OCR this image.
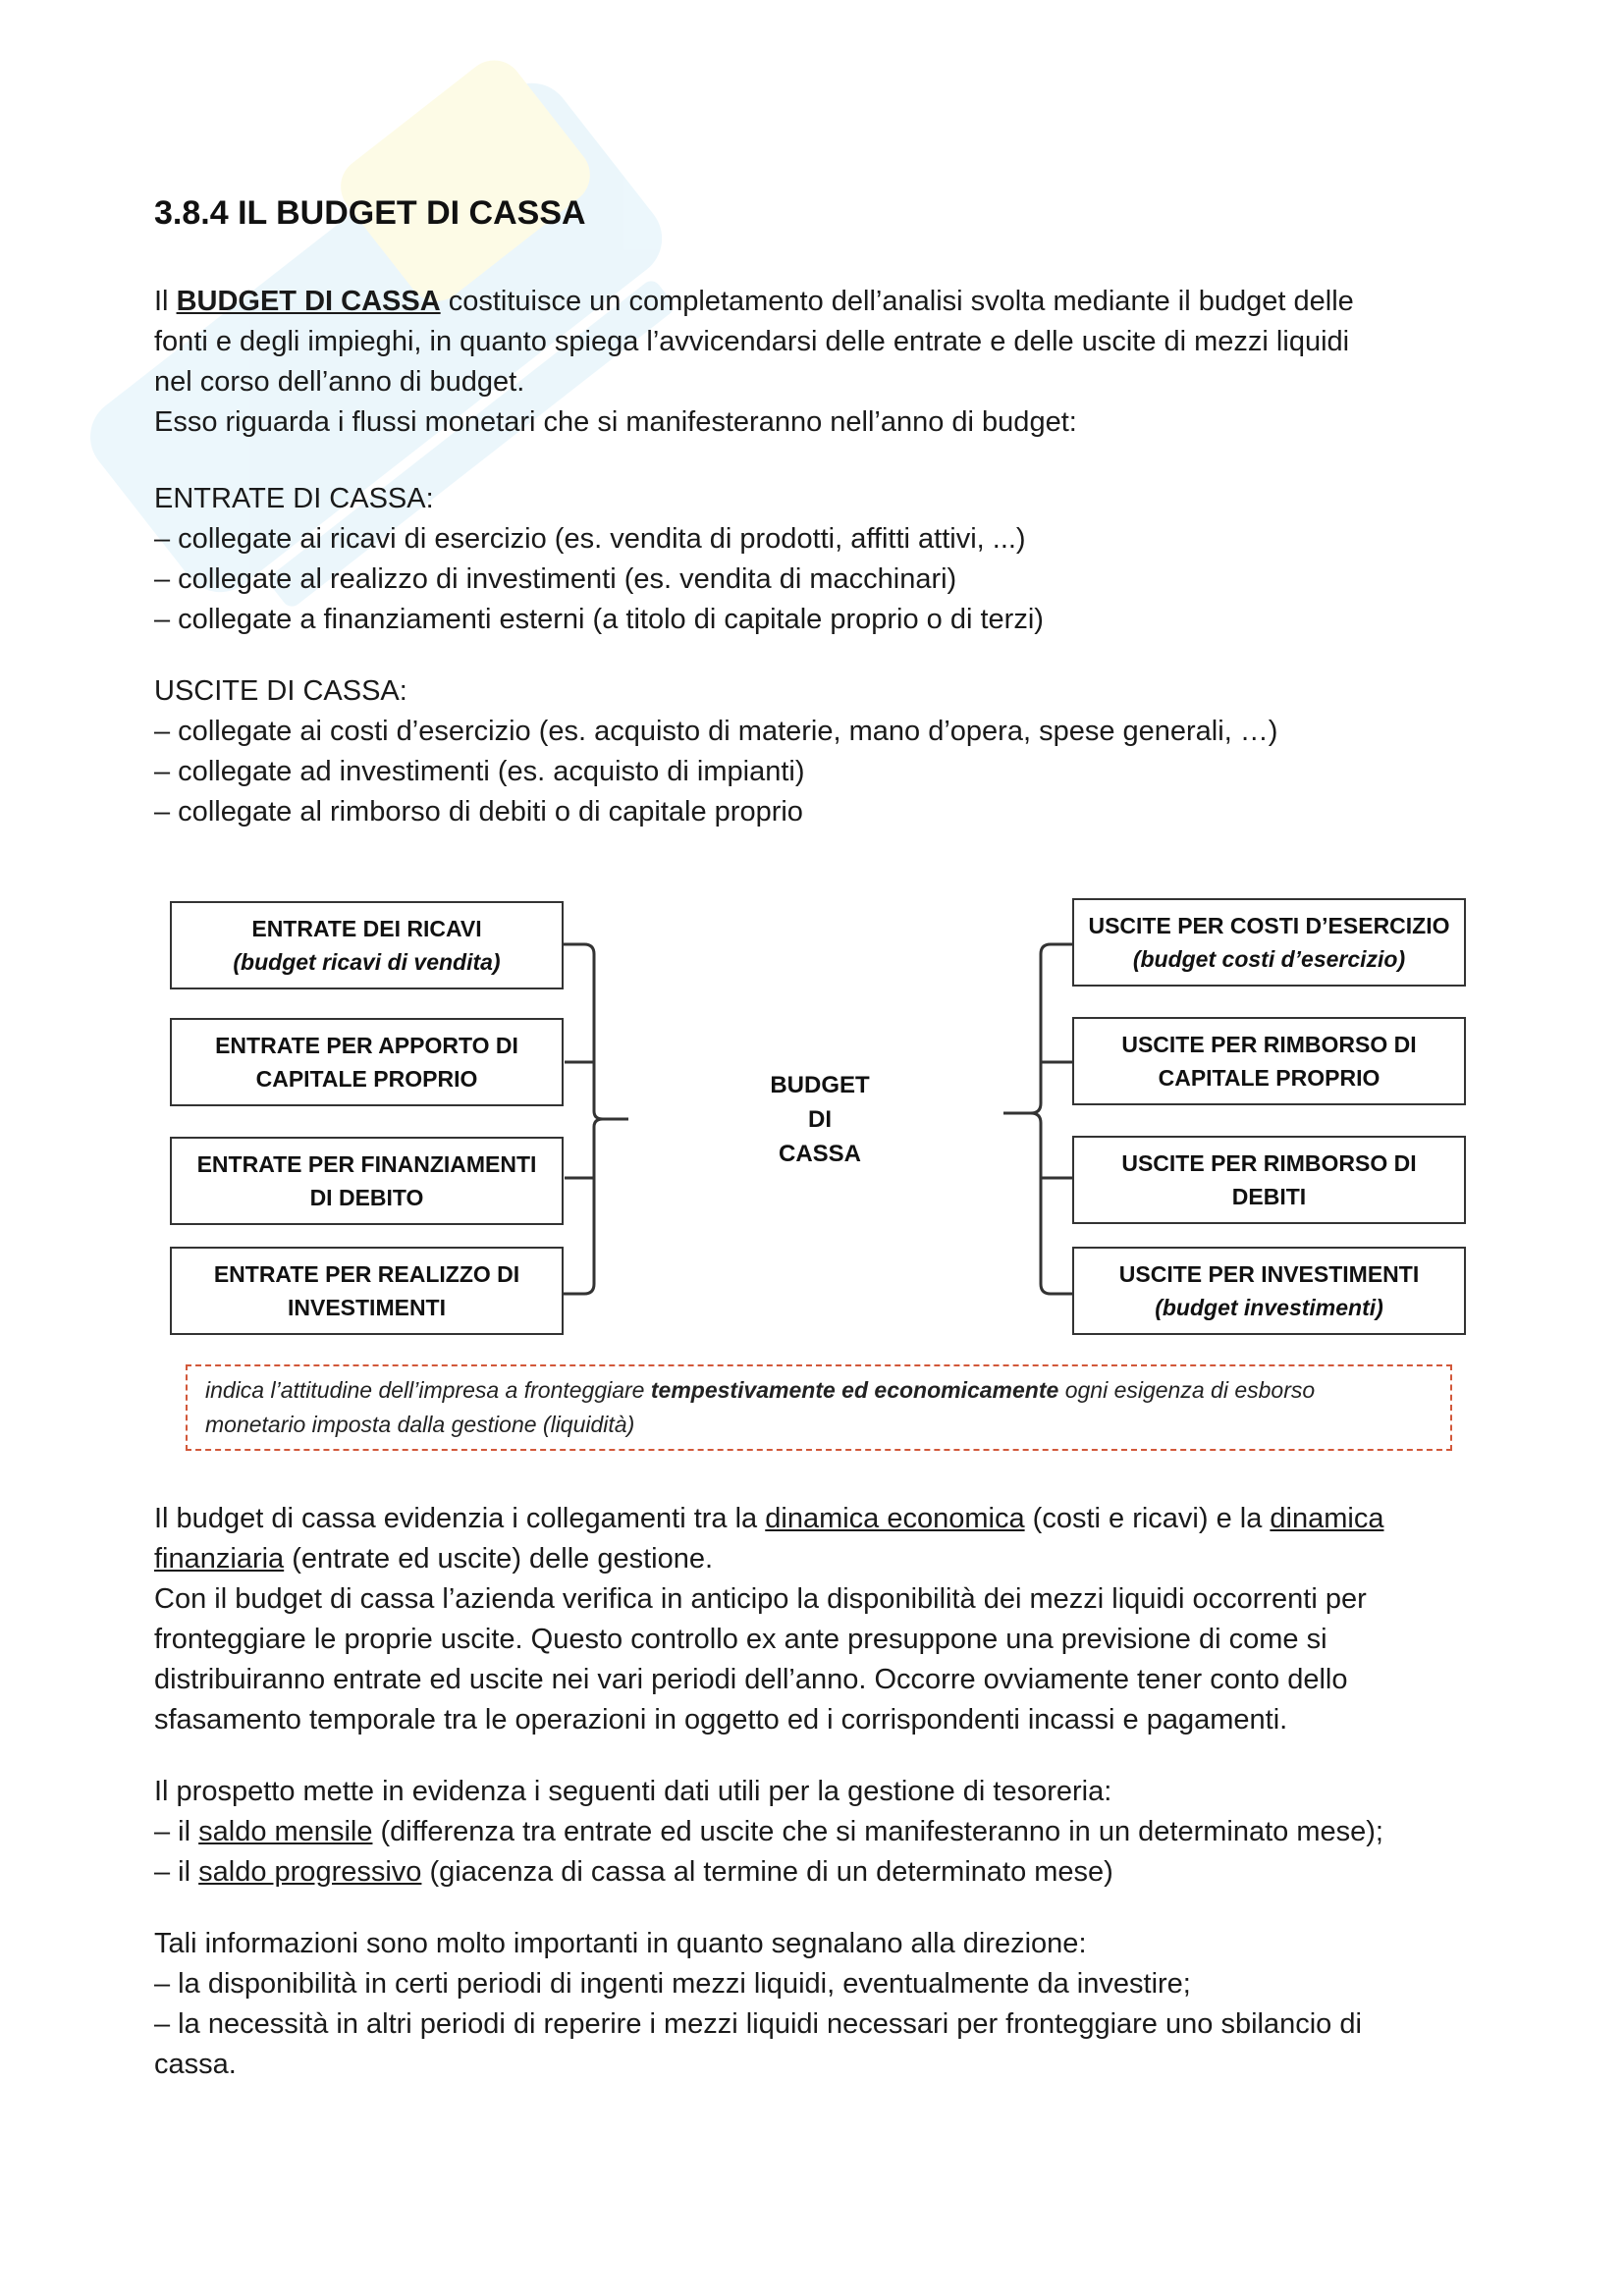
3.8.4 IL BUDGET DI CASSA
Il BUDGET DI CASSA costituisce un completamento dell’analisi svolta mediante il budget delle
fonti e degli impieghi, in quanto spiega l’avvicendarsi delle entrate e delle uscite di mezzi liquidi
nel corso dell’anno di budget.
Esso riguarda i flussi monetari che si manifesteranno nell’anno di budget:
ENTRATE DI CASSA:
– collegate ai ricavi di esercizio (es. vendita di prodotti, affitti attivi, ...)
– collegate al realizzo di investimenti (es. vendita di macchinari)
– collegate a finanziamenti esterni (a titolo di capitale proprio o di terzi)
USCITE DI CASSA:
– collegate ai costi d’esercizio (es. acquisto di materie, mano d’opera, spese generali, …)
– collegate ad investimenti (es. acquisto di impianti)
– collegate al rimborso di debiti o di capitale proprio
Il budget di cassa evidenzia i collegamenti tra la dinamica economica (costi e ricavi) e la dinamica
finanziaria (entrate ed uscite) delle gestione.
Con il budget di cassa l’azienda verifica in anticipo la disponibilità dei mezzi liquidi occorrenti per
fronteggiare le proprie uscite. Questo controllo ex ante presuppone una previsione di come si
distribuiranno entrate ed uscite nei vari periodi dell’anno. Occorre ovviamente tener conto dello
sfasamento temporale tra le operazioni in oggetto ed i corrispondenti incassi e pagamenti.
Il prospetto mette in evidenza i seguenti dati utili per la gestione di tesoreria:
– il saldo mensile (differenza tra entrate ed uscite che si manifesteranno in un determinato mese);
– il saldo progressivo (giacenza di cassa al termine di un determinato mese)
Tali informazioni sono molto importanti in quanto segnalano alla direzione:
– la disponibilità in certi periodi di ingenti mezzi liquidi, eventualmente da investire;
– la necessità in altri periodi di reperire i mezzi liquidi necessari per fronteggiare uno sbilancio di
cassa.
ENTRATE DEI RICAVI
(budget ricavi di vendita)
ENTRATE PER APPORTO DI
CAPITALE PROPRIO
ENTRATE PER FINANZIAMENTI
DI DEBITO
ENTRATE PER REALIZZO DI
INVESTIMENTI
BUDGET
DI
CASSA
USCITE PER COSTI D’ESERCIZIO
(budget costi d’esercizio)
USCITE PER RIMBORSO DI
CAPITALE PROPRIO
USCITE PER RIMBORSO DI
DEBITI
USCITE PER INVESTIMENTI
(budget investimenti)
indica l’attitudine dell’impresa a fronteggiare tempestivamente ed economicamente ogni esigenza di esborso
monetario imposta dalla gestione (liquidità)
